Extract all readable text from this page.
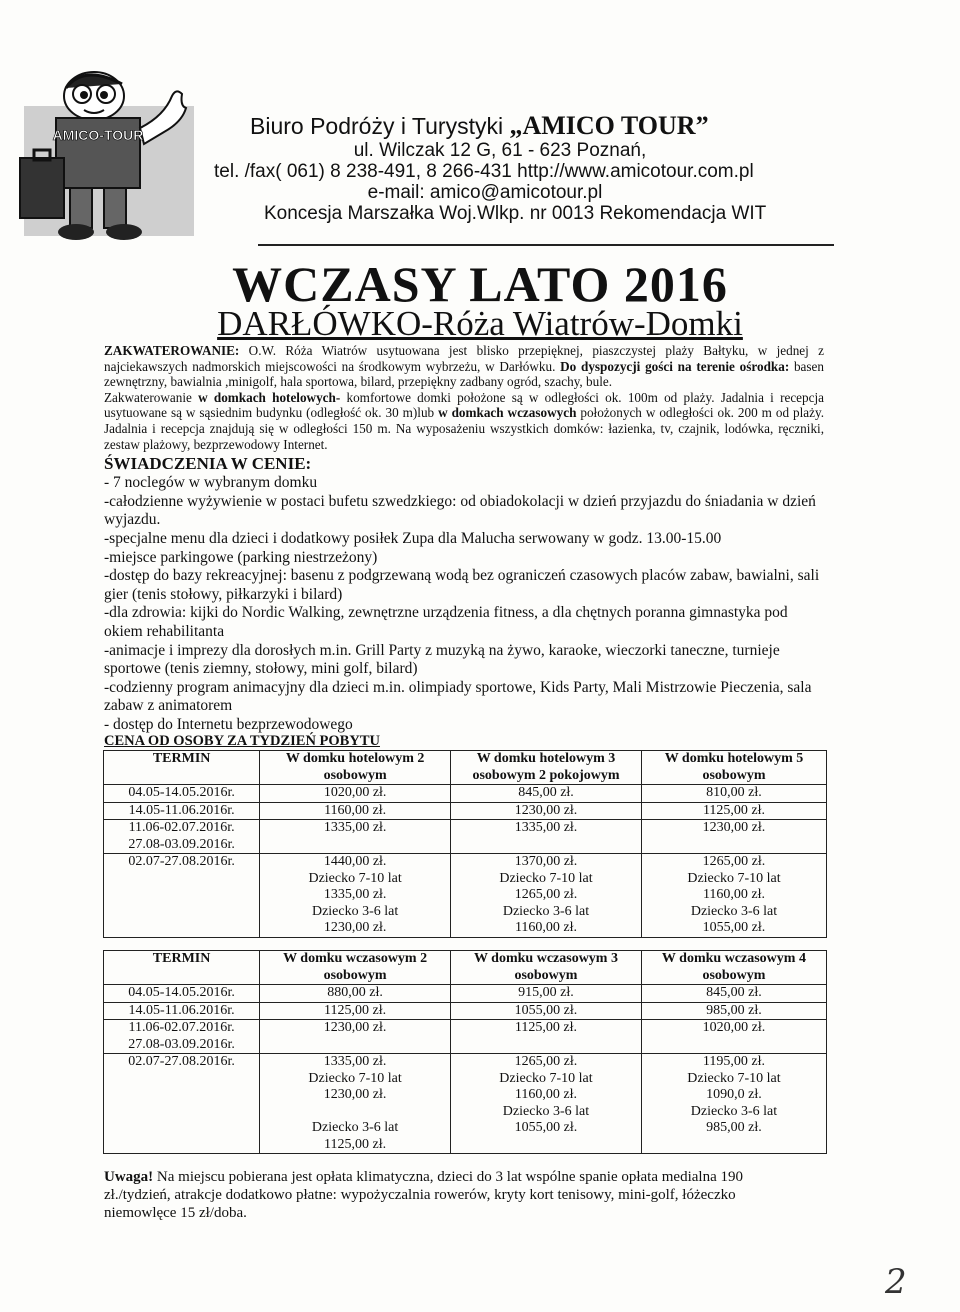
AMICO-TOUR	Biuro Podróży i Turystyki „AMICO TOUR”
ul. Wilczak 12 G, 61 - 623 Poznań,
tel. /fax( 061) 8 238-491, 8 266-431 http://www.amicotour.com.pl
e-mail: amico@amicotour.pl
Koncesja Marszałka Woj.Wlkp. nr 0013 Rekomendacja WIT
WCZASY LATO 2016
DARŁÓWKO-Róża Wiatrów-Domki
ZAKWATEROWANIE: O.W. Róża Wiatrów usytuowana jest blisko przepięknej, piaszczystej plaży Bałtyku, w jednej z najciekawszych nadmorskich miejscowości na środkowym wybrzeżu, w Darłówku. Do dyspozycji gości na terenie ośrodka: basen zewnętrzny, bawialnia ,minigolf, hala sportowa, bilard, przepiękny zadbany ogród, szachy, bule.
Zakwaterowanie w domkach hotelowych- komfortowe domki położone są w odległości ok. 100m od plaży. Jadalnia i recepcja usytuowane są w sąsiednim budynku (odległość ok. 30 m)lub w domkach wczasowych położonych w odległości ok. 200 m od plaży. Jadalnia i recepcja znajdują się w odległości 150 m. Na wyposażeniu wszystkich domków: łazienka, tv, czajnik, lodówka, ręczniki, zestaw plażowy, bezprzewodowy Internet.
ŚWIADCZENIA W CENIE:

- 7 noclegów w wybranym domku

-całodzienne wyżywienie w postaci bufetu szwedzkiego: od obiadokolacji w dzień przyjazdu do śniadania w dzień wyjazdu.

-specjalne menu dla dzieci i dodatkowy posiłek Zupa dla Malucha serwowany w godz. 13.00-15.00

-miejsce parkingowe (parking niestrzeżony)

-dostęp do bazy rekreacyjnej: basenu z podgrzewaną wodą bez ograniczeń czasowych placów zabaw, bawialni, sali gier (tenis stołowy, piłkarzyki i bilard)

-dla zdrowia: kijki do Nordic Walking, zewnętrzne urządzenia fitness, a dla chętnych poranna gimnastyka pod okiem rehabilitanta

-animacje i imprezy dla dorosłych m.in. Grill Party z muzyką na żywo, karaoke, wieczorki taneczne, turnieje sportowe (tenis ziemny, stołowy, mini golf, bilard)

-codzienny program animacyjny dla dzieci m.in. olimpiady sportowe, Kids Party, Mali Mistrzowie Pieczenia, sala zabaw z animatorem

- dostęp do Internetu bezprzewodowego

CENA OD OSOBY ZA TYDZIEŃ POBYTU
TERMIN	W domku hotelowym 2 osobowym	W domku hotelowym 3 osobowym 2 pokojowym	W domku hotelowym 5 osobowym
04.05-14.05.2016r.	1020,00 zł.	845,00 zł.	810,00 zł.
14.05-11.06.2016r.	1160,00 zł.	1230,00 zł.	1125,00 zł.
11.06-02.07.2016r.
27.08-03.09.2016r.	1335,00 zł.	1335,00 zł.	1230,00 zł.
02.07-27.08.2016r.	1440,00 zł.
Dziecko 7-10 lat
1335,00 zł.
Dziecko 3-6 lat
1230,00 zł.	1370,00 zł.
Dziecko 7-10 lat
1265,00 zł.
Dziecko 3-6 lat
1160,00 zł.	1265,00 zł.
Dziecko 7-10 lat
1160,00 zł.
Dziecko 3-6 lat
1055,00 zł.
TERMIN	W domku wczasowym 2 osobowym	W domku wczasowym 3 osobowym	W domku wczasowym 4 osobowym
04.05-14.05.2016r.	880,00 zł.	915,00 zł.	845,00 zł.
14.05-11.06.2016r.	1125,00 zł.	1055,00 zł.	985,00 zł.
11.06-02.07.2016r.
27.08-03.09.2016r.	1230,00 zł.	1125,00 zł.	1020,00 zł.
02.07-27.08.2016r.	1335,00 zł.
Dziecko 7-10 lat
1230,00 zł.

Dziecko 3-6 lat
1125,00 zł.	1265,00 zł.
Dziecko 7-10 lat
1160,00 zł.
Dziecko 3-6 lat
1055,00 zł.	1195,00 zł.
Dziecko 7-10 lat
1090,0 zł.
Dziecko 3-6 lat
985,00 zł.
Uwaga! Na miejscu pobierana jest opłata klimatyczna, dzieci do 3 lat wspólne spanie opłata medialna 190 zł./tydzień, atrakcje dodatkowo płatne: wypożyczalnia rowerów, kryty kort tenisowy, mini-golf, łóżeczko niemowlęce 15 zł/doba.
2
